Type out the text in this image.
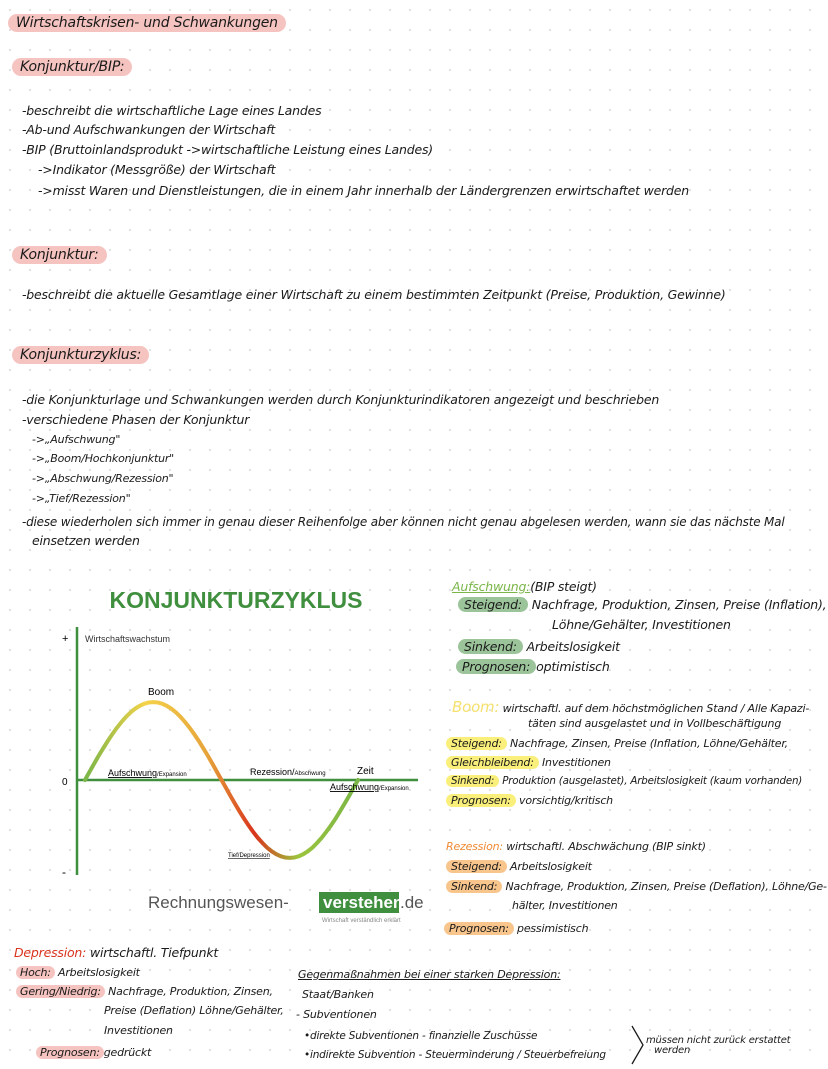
Wirtschaftskrisen- und Schwankungen
Konjunktur/BIP:
-beschreibt die wirtschaftliche Lage eines Landes
-Ab-und Aufschwankungen der Wirtschaft
-BIP (Bruttoinlandsprodukt ->wirtschaftliche Leistung eines Landes)
->Indikator (Messgröße) der Wirtschaft
->misst Waren und Dienstleistungen, die in einem Jahr innerhalb der Ländergrenzen erwirtschaftet werden
Konjunktur:
-beschreibt die aktuelle Gesamtlage einer Wirtschaft zu einem bestimmten Zeitpunkt (Preise, Produktion, Gewinne)
Konjunkturzyklus:
-die Konjunkturlage und Schwankungen werden durch Konjunkturindikatoren angezeigt und beschrieben
-verschiedene Phasen der Konjunktur
->„Aufschwung"
->„Boom/Hochkonjunktur"
->„Abschwung/Rezession"
->„Tief/Rezession"
-diese wiederholen sich immer in genau dieser Reihenfolge aber können nicht genau abgelesen werden, wann sie das nächste Mal
einsetzen werden
KONJUNKTURZYKLUS
+
-
0
Wirtschaftswachstum
Boom
Zeit
Aufschwung/Expansion	Rezession/Abschwung
Aufschwung/Expansion
Tief/Depression
Rechnungswesen- verstehen
.de
Wirtschaft verständlich erklärt
Aufschwung:(BIP steigt)
Steigend: Nachfrage, Produktion, Zinsen, Preise (Inflation),
Löhne/Gehälter, Investitionen
Sinkend: Arbeitslosigkeit
Prognosen: optimistisch
Boom: wirtschaftl. auf dem höchstmöglichen Stand / Alle Kapazi-
täten sind ausgelastet und in Vollbeschäftigung
Steigend: Nachfrage, Zinsen, Preise (Inflation, Löhne/Gehälter,
Gleichbleibend: Investitionen
Sinkend: Produktion (ausgelastet), Arbeitslosigkeit (kaum vorhanden)
Prognosen: vorsichtig/kritisch
Rezession: wirtschaftl. Abschwächung (BIP sinkt)
Steigend: Arbeitslosigkeit
Sinkend: Nachfrage, Produktion, Zinsen, Preise (Deflation), Löhne/Ge-
hälter, Investitionen
Prognosen: pessimistisch
Depression: wirtschaftl. Tiefpunkt
Hoch: Arbeitslosigkeit
Gering/Niedrig: Nachfrage, Produktion, Zinsen,
Preise (Deflation) Löhne/Gehälter,
Investitionen
Prognosen: gedrückt
Gegenmaßnahmen bei einer starken Depression:
Staat/Banken
- Subventionen
•direkte Subventionen - finanzielle Zuschüsse
•indirekte Subvention - Steuerminderung / Steuerbefreiung
müssen nicht zurück erstattet
werden
